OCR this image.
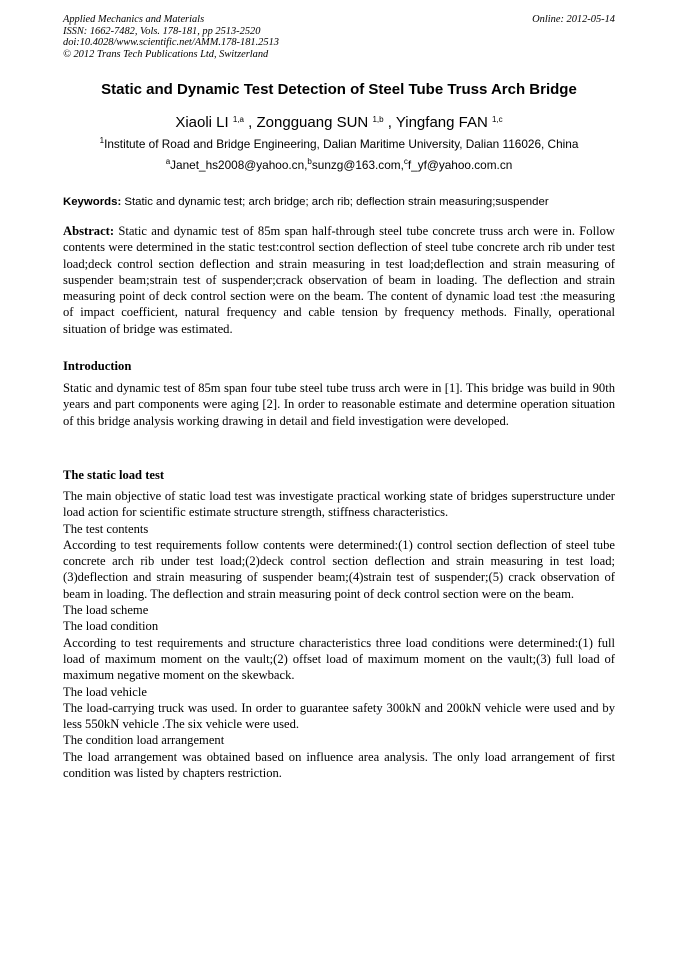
Applied Mechanics and Materials
ISSN: 1662-7482, Vols. 178-181, pp 2513-2520
doi:10.4028/www.scientific.net/AMM.178-181.2513
© 2012 Trans Tech Publications Ltd, Switzerland
Online: 2012-05-14
Static and Dynamic Test Detection of Steel Tube Truss Arch Bridge
Xiaoli LI $^{1,a}$ , Zongguang SUN $^{1,b}$ , Yingfang FAN $^{1,c}$
$^1$Institute of Road and Bridge Engineering, Dalian Maritime University, Dalian 116026, China
$^a$Janet_hs2008@yahoo.cn,$^b$sunzg@163.com,$^c$f_yf@yahoo.com.cn
Keywords: Static and dynamic test; arch bridge; arch rib; deflection strain measuring;suspender
Abstract: Static and dynamic test of 85m span half-through steel tube concrete truss arch were in. Follow contents were determined in the static test:control section deflection of steel tube concrete arch rib under test load;deck control section deflection and strain measuring in test load;deflection and strain measuring of suspender beam;strain test of suspender;crack observation of beam in loading. The deflection and strain measuring point of deck control section were on the beam. The content of dynamic load test :the measuring of impact coefficient, natural frequency and cable tension by frequency methods. Finally, operational situation of bridge was estimated.
Introduction
Static and dynamic test of 85m span four tube steel tube truss arch were in [1]. This bridge was build in 90th years and part components were aging [2]. In order to reasonable estimate and determine operation situation of this bridge analysis working drawing in detail and field investigation were developed.
The static load test
The main objective of static load test was investigate practical working state of bridges superstructure under load action for scientific estimate structure strength, stiffness characteristics.
The test contents
According to test requirements follow contents were determined:(1) control section deflection of steel tube concrete arch rib under test load;(2)deck control section deflection and strain measuring in test load;(3)deflection and strain measuring of suspender beam;(4)strain test of suspender;(5) crack observation of beam in loading. The deflection and strain measuring point of deck control section were on the beam.
The load scheme
The load condition
According to test requirements and structure characteristics three load conditions were determined:(1) full load of maximum moment on the vault;(2) offset load of maximum moment on the vault;(3) full load of maximum negative moment on the skewback.
The load vehicle
The load-carrying truck was used. In order to guarantee safety 300kN and 200kN vehicle were used and by less 550kN vehicle .The six vehicle were used.
The condition load arrangement
The load arrangement was obtained based on influence area analysis. The only load arrangement of first condition was listed by chapters restriction.
